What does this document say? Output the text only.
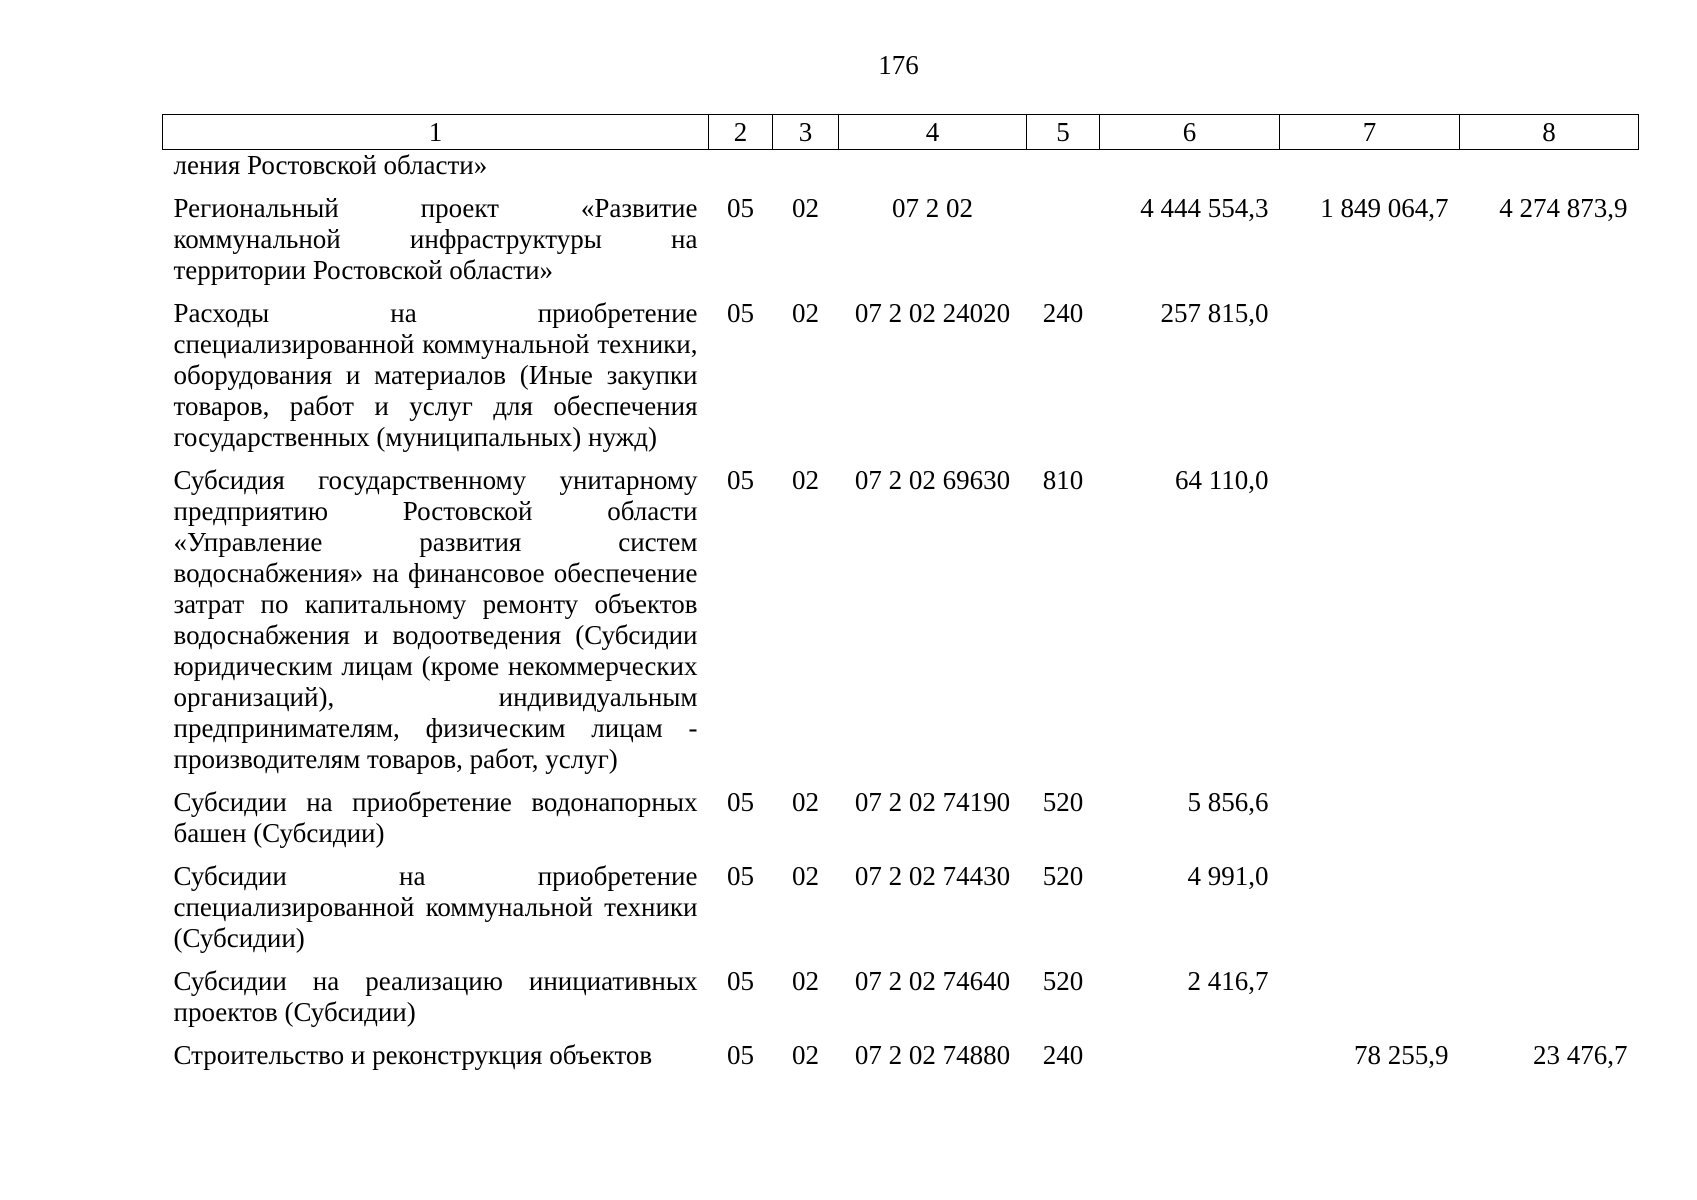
176
1	2	3	4	5	6	7	8
ления Ростовской области»							
Региональный проект «Развитие коммунальной инфраструктуры на территории Ростовской области»	05	02	07 2 02		4 444 554,3	1 849 064,7	4 274 873,9
Расходы на приобретение специализированной коммунальной техники, оборудования и материалов (Иные закупки товаров, работ и услуг для обеспечения государственных (муниципальных) нужд)	05	02	07 2 02 24020	240	257 815,0		
Субсидия государственному унитарному предприятию Ростовской области «Управление развития систем водоснабжения» на финансовое обеспечение затрат по капитальному ремонту объектов водоснабжения и водоотведения (Субсидии юридическим лицам (кроме некоммерческих организаций), индивидуальным предпринимателям, физическим лицам - производителям товаров, работ, услуг)	05	02	07 2 02 69630	810	64 110,0		
Субсидии на приобретение водонапорных башен (Субсидии)	05	02	07 2 02 74190	520	5 856,6		
Субсидии на приобретение специализированной коммунальной техники (Субсидии)	05	02	07 2 02 74430	520	4 991,0		
Субсидии на реализацию инициативных проектов (Субсидии)	05	02	07 2 02 74640	520	2 416,7		
Строительство и реконструкция объектов	05	02	07 2 02 74880	240		78 255,9	23 476,7
